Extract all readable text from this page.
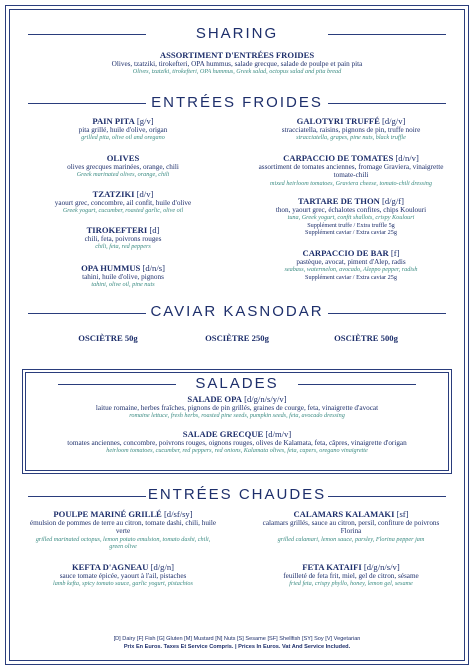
SHARING
ASSORTIMENT D'ENTRÉES FROIDES
Olives, tzatziki, tirokefteri, OPA hummus, salade grecque, salade de poulpe et pain pita
Olives, tzatziki, tirokefteri, OPA hummus, Greek salad, octopus salad and pita bread
ENTRÉES FROIDES
PAIN PITA [g/v]
pita grillé, huile d'olive, origan
grilled pita, olive oil and oregano
OLIVES
olives grecques marinées, orange, chili
Greek marinated olives, orange, chili
TZATZIKI [d/v]
yaourt grec, concombre, ail confit, huile d'olive
Greek yogurt, cucumber, roasted garlic, olive oil
TIROKEFTERI [d]
chili, feta, poivrons rouges
chili, feta, red peppers
OPA HUMMUS [d/n/s]
tahini, huile d'olive, pignons
tahini, olive oil, pine nuts
GALOTYRI TRUFFÉ [d/g/v]
stracciatella, raisins, pignons de pin, truffe noire
stracciatella, grapes, pine nuts, black truffle
CARPACCIO DE TOMATES [d/n/v]
assortiment de tomates anciennes, fromage Graviera, vinaigrette tomate-chili
mixed heirloom tomatoes, Graviera cheese, tomato-chili dressing
TARTARE DE THON [d/g/f]
thon, yaourt grec, échalotes confites, chips Koulouri
tuna, Greek yogurt, confit shallots, crispy Koulouri
Supplément truffe / Extra truffle 5g
Supplément caviar / Extra caviar 25g
CARPACCIO DE BAR [f]
pastèque, avocat, piment d'Alep, radis
seabass, watermelon, avocado, Aleppo pepper, radish
Supplément caviar / Extra caviar 25g
CAVIAR KASNODAR
OSCIÈTRE 50g	OSCIÈTRE 250g	OSCIÈTRE 500g
SALADES
SALADE OPA [d/g/n/s/y/v]
laitue romaine, herbes fraîches, pignons de pin grillés, graines de courge, feta, vinaigrette d'avocat
romaine lettuce, fresh herbs, roasted pine seeds, pumpkin seeds, feta, avocado dressing
SALADE GRECQUE [d/m/v]
tomates anciennes, concombre, poivrons rouges, oignons rouges, olives de Kalamata, feta, câpres, vinaigrette d'origan
heirloom tomatoes, cucumber, red peppers, red onions, Kalamata olives, feta, capers, oregano vinaigrette
ENTRÉES CHAUDES
POULPE MARINÉ GRILLÉ [d/sf/sy]
émulsion de pommes de terre au citron, tomate dashi, chili, huile verte
grilled marinated octopus, lemon potato emulsion, tomato dashi, chili, green olive
KEFTA D'AGNEAU [d/g/n]
sauce tomate épicée, yaourt à l'ail, pistaches
lamb kefta, spicy tomato sauce, garlic yogurt, pistachios
CALAMARS KALAMAKI [sf]
calamars grillés, sauce au citron, persil, confiture de poivrons Florina
grilled calamari, lemon sauce, parsley, Florina pepper jam
FETA KATAIFI [d/g/n/s/v]
feuilleté de feta frit, miel, gel de citron, sésame
fried feta, crispy phyllo, honey, lemon gel, sesame
[D] Dairy [F] Fish [G] Gluten [M] Mustard [N] Nuts [S] Sesame [SF] Shellfish [SY] Soy [V] Vegetarian
Prix En Euros. Taxes Et Service Compris. | Prices In Euros. Vat And Service Included.
